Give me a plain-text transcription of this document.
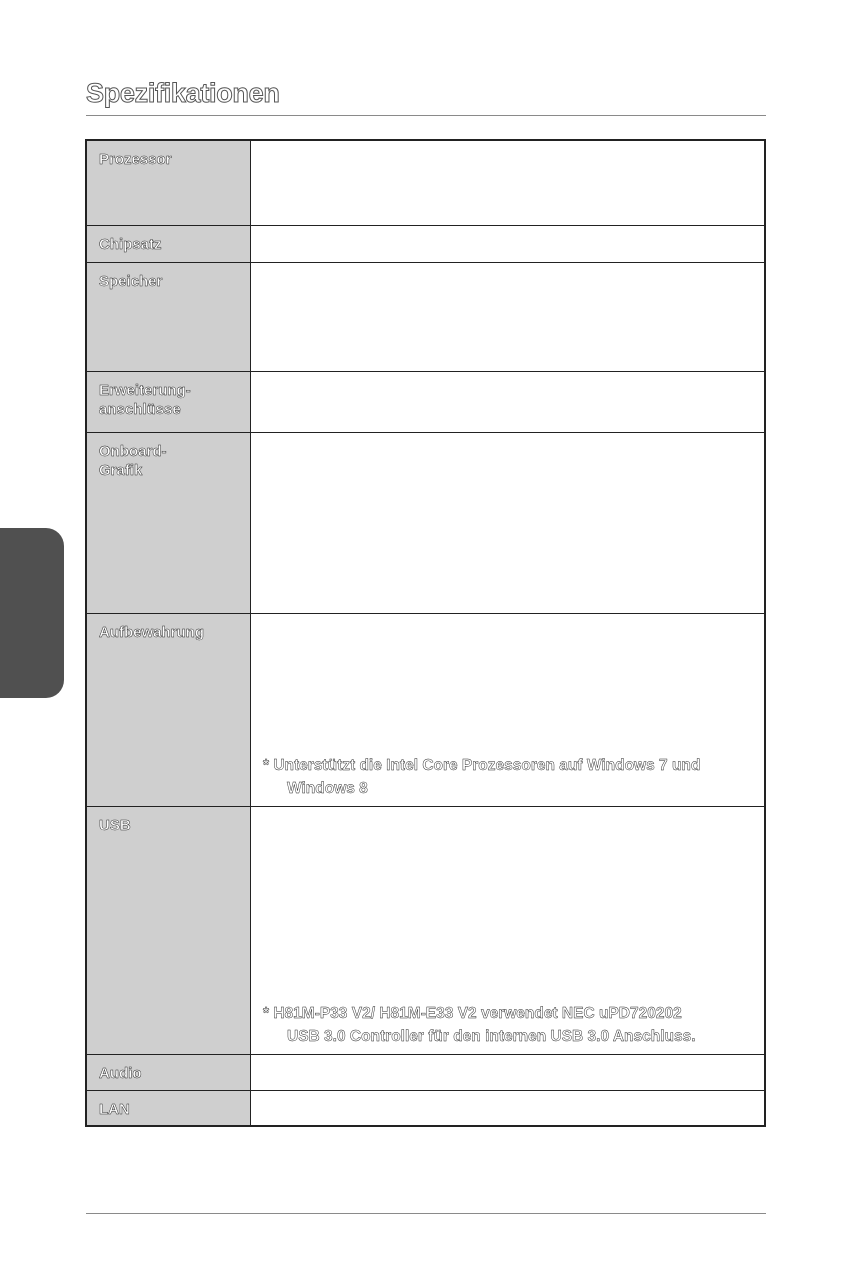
Spezifikationen
Prozessor	
Chipsatz	
Speicher	
Erweiterung-
anschlüsse	
Onboard-
Grafik	
Aufbewahrung	* Unterstützt die Intel Core Prozessoren auf Windows 7 und
Windows 8

USB	* H81M-P33 V2/ H81M-E33 V2 verwendet NEC uPD720202
USB 3.0 Controller für den internen USB 3.0 Anschluss.

Audio	
LAN	
